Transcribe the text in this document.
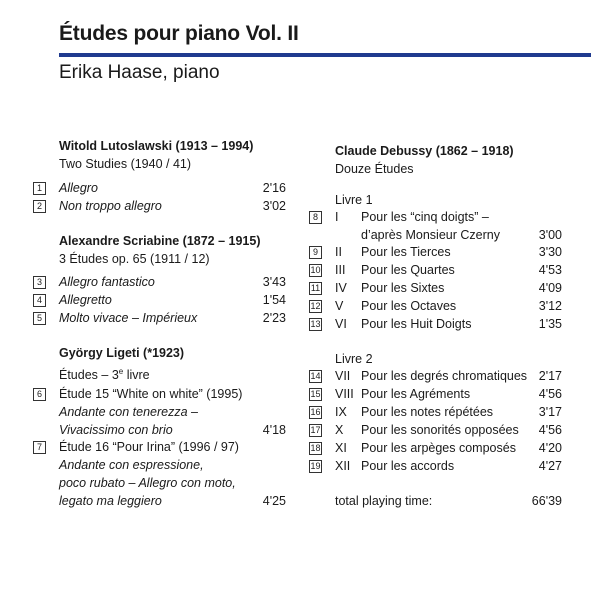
Études pour piano Vol. II
Erika Haase, piano
Witold Lutoslawski (1913 – 1994)
Two Studies (1940 / 41)
1	Allegro	2'16
2	Non troppo allegro	3'02
Alexandre Scriabine (1872 – 1915)
3 Études op. 65 (1911 / 12)
3	Allegro fantastico	3'43
4	Allegretto	1'54
5	Molto vivace – Impérieux	2'23
György Ligeti (*1923)
Études – 3e livre
6	Étude 15 “White on white” (1995)
Andante con tenerezza –
Vivacissimo con brio	4'18
7	Étude 16 “Pour Irina” (1996 / 97)
Andante con espressione,
poco rubato – Allegro con moto,
legato ma leggiero	4'25
Claude Debussy (1862 – 1918)
Douze Études
Livre 1
8	I Pour les “cinq doigts” –
d’après Monsieur Czerny	3'00
9	II Pour les Tierces	3'30
10 III Pour les Quartes	4'53
11 IV Pour les Sixtes	4'09
12 V Pour les Octaves	3'12
13 VI Pour les Huit Doigts	1'35
Livre 2
14 VII Pour les degrés chromatiques 2'17
15 VIII Pour les Agréments	4'56
16 IX Pour les notes répétées	3'17
17 X Pour les sonorités opposées	4'56
18 XI Pour les arpèges composés	4'20
19 XII Pour les accords	4'27
total playing time:	66'39
